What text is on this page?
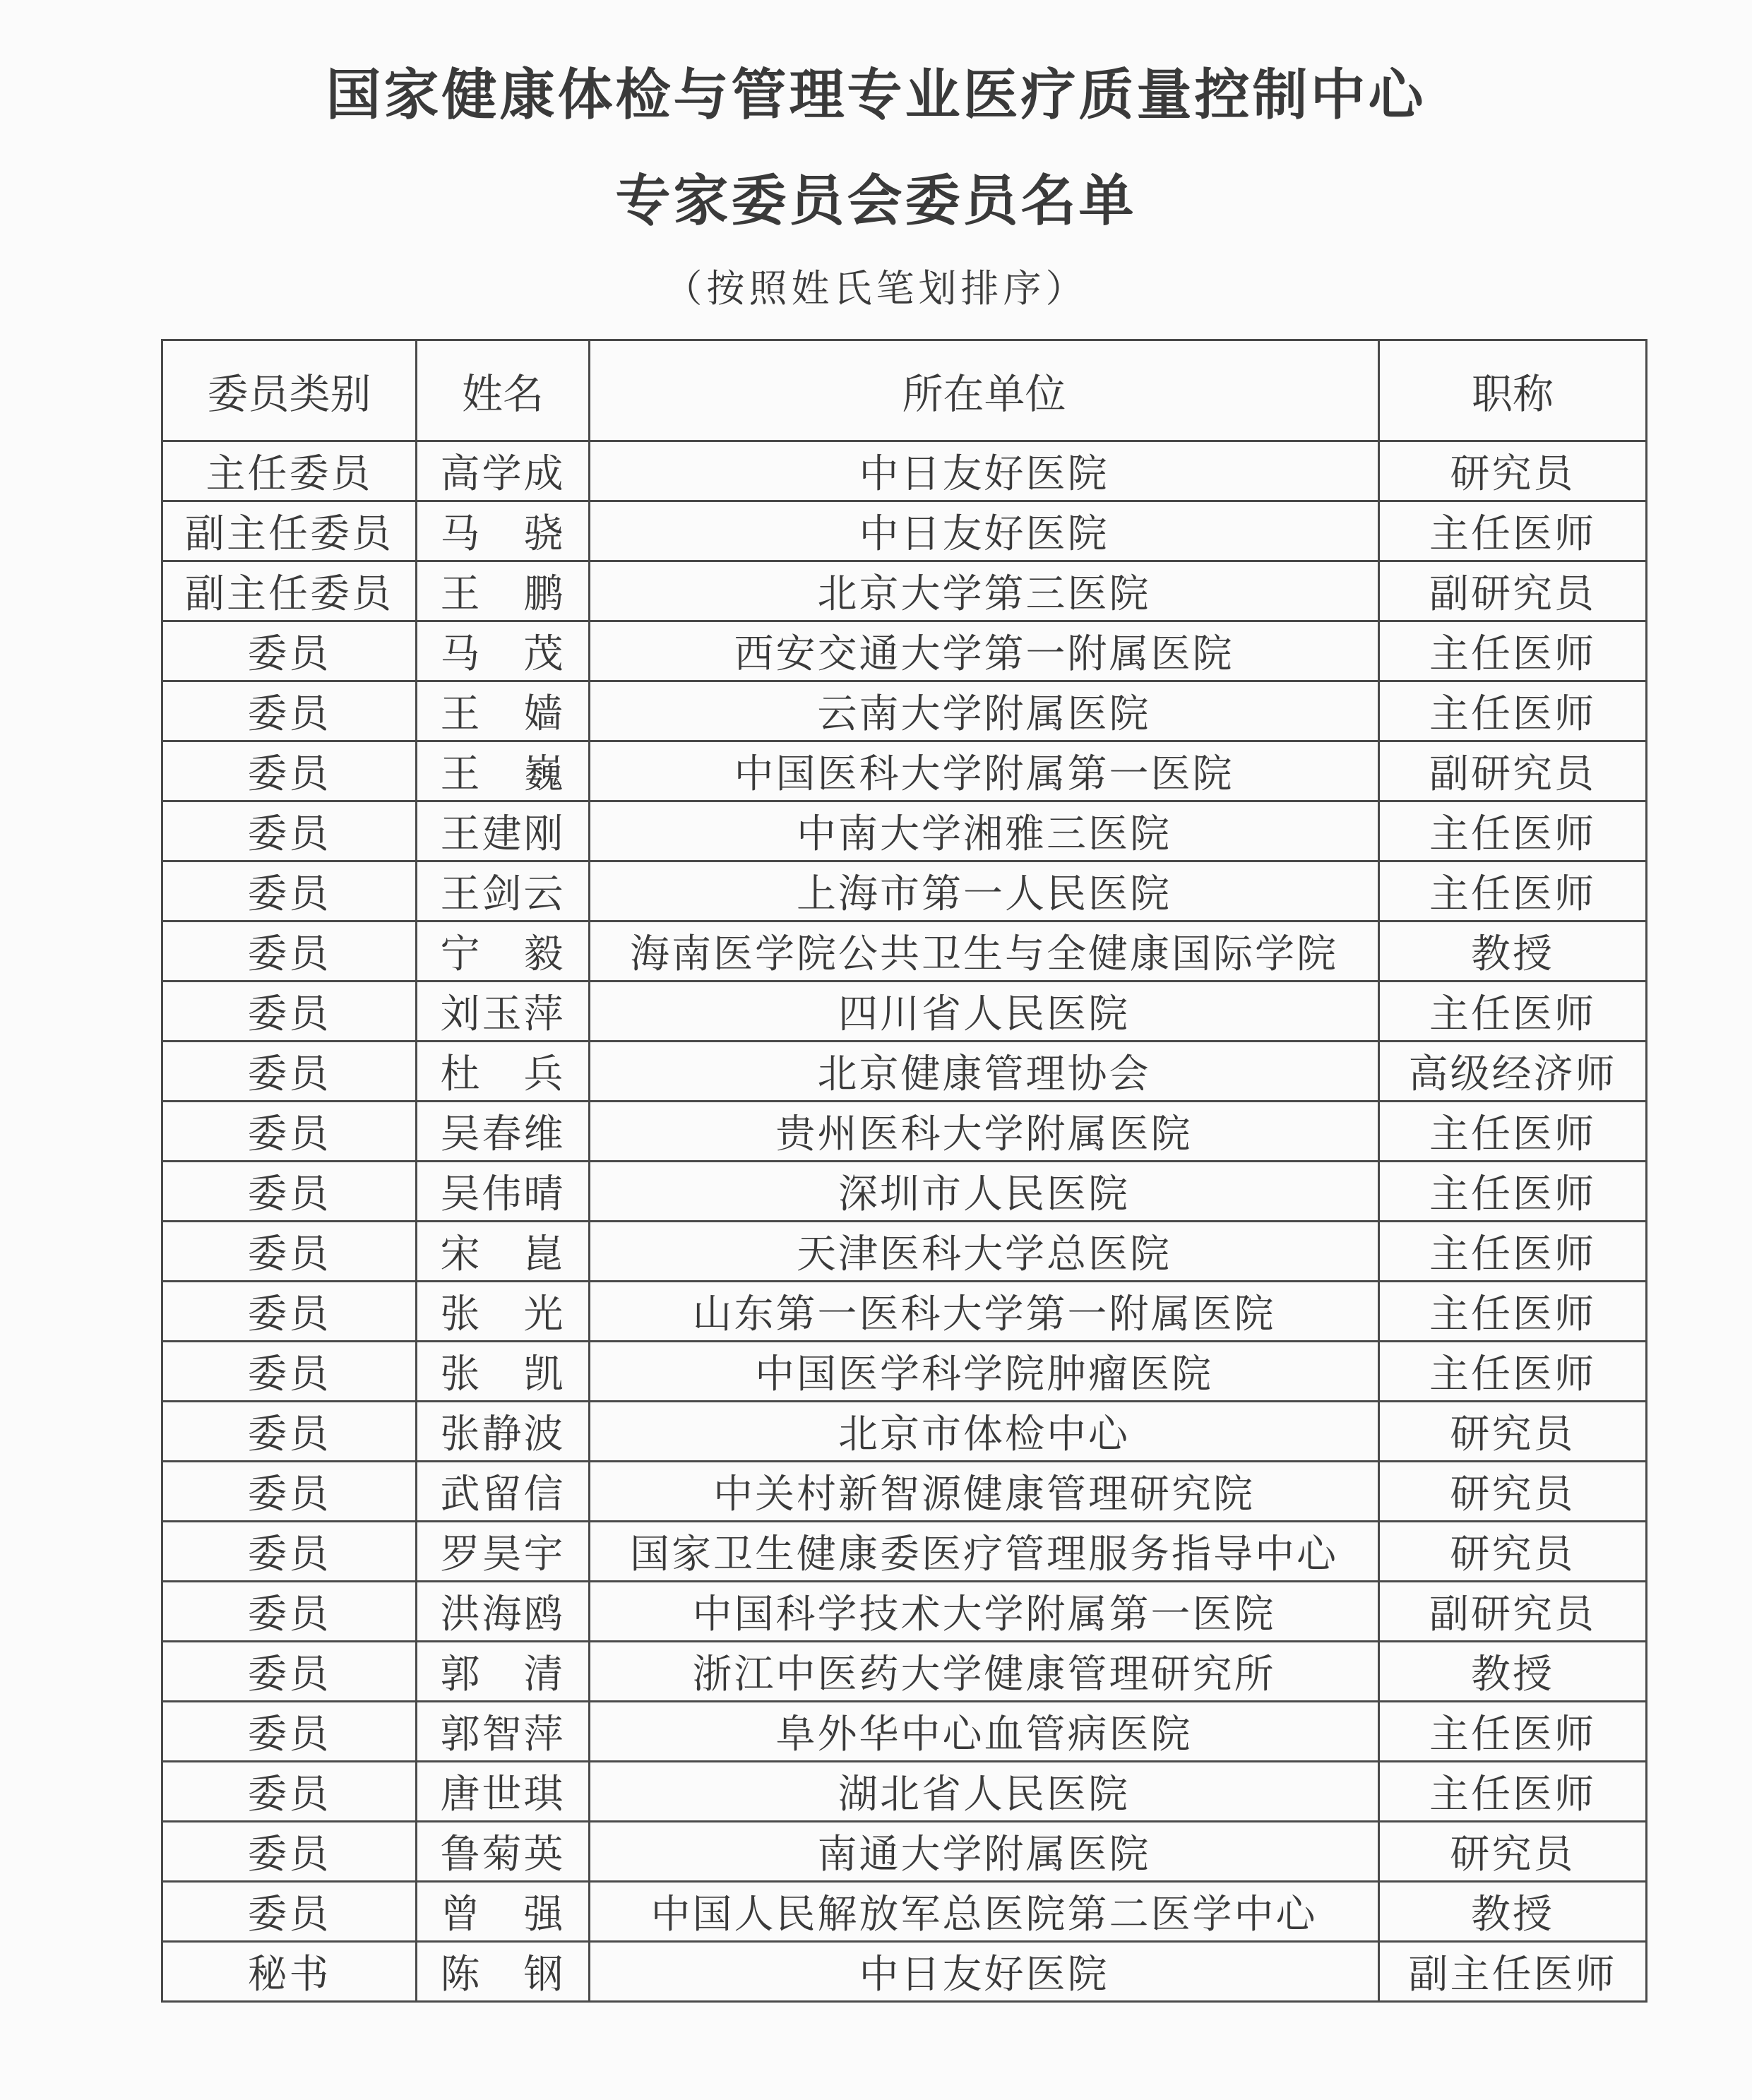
国家健康体检与管理专业医疗质量控制中心
专家委员会委员名单
（按照姓氏笔划排序）
委员类别	姓名	所在单位	职称
主任委员	高学成	中日友好医院	研究员
副主任委员	马　骁	中日友好医院	主任医师
副主任委员	王　鹏	北京大学第三医院	副研究员
委员	马　茂	西安交通大学第一附属医院	主任医师
委员	王　嫱	云南大学附属医院	主任医师
委员	王　巍	中国医科大学附属第一医院	副研究员
委员	王建刚	中南大学湘雅三医院	主任医师
委员	王剑云	上海市第一人民医院	主任医师
委员	宁　毅	海南医学院公共卫生与全健康国际学院	教授
委员	刘玉萍	四川省人民医院	主任医师
委员	杜　兵	北京健康管理协会	高级经济师
委员	吴春维	贵州医科大学附属医院	主任医师
委员	吴伟晴	深圳市人民医院	主任医师
委员	宋　崑	天津医科大学总医院	主任医师
委员	张　光	山东第一医科大学第一附属医院	主任医师
委员	张　凯	中国医学科学院肿瘤医院	主任医师
委员	张静波	北京市体检中心	研究员
委员	武留信	中关村新智源健康管理研究院	研究员
委员	罗昊宇	国家卫生健康委医疗管理服务指导中心	研究员
委员	洪海鸥	中国科学技术大学附属第一医院	副研究员
委员	郭　清	浙江中医药大学健康管理研究所	教授
委员	郭智萍	阜外华中心血管病医院	主任医师
委员	唐世琪	湖北省人民医院	主任医师
委员	鲁菊英	南通大学附属医院	研究员
委员	曾　强	中国人民解放军总医院第二医学中心	教授
秘书	陈　钢	中日友好医院	副主任医师
